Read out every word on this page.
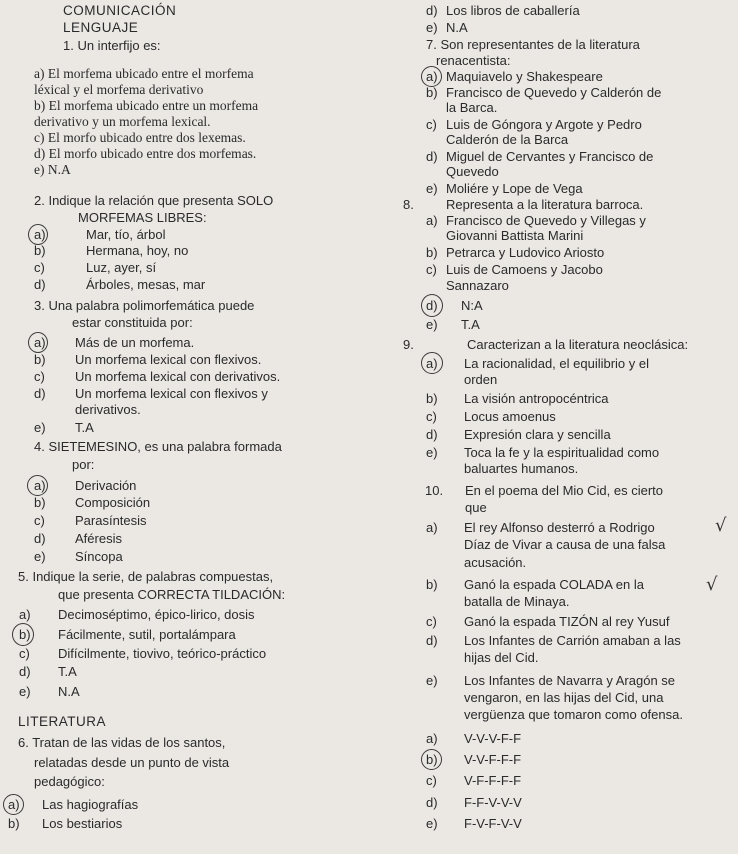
COMUNICACIÓN
LENGUAJE
1. Un interfijo es:
a) El morfema ubicado entre el morfema
léxical y el morfema derivativo
b) El morfema ubicado entre un morfema
derivativo y un morfema lexical.
c) El morfo ubicado entre dos lexemas.
d) El morfo ubicado entre dos morfemas.
e) N.A
2. Indique la relación que presenta SOLO
MORFEMAS LIBRES:
a)	Mar, tío, árbol
b)	Hermana, hoy, no
c)	Luz, ayer, sí
d)	Árboles, mesas, mar
3. Una palabra polimorfemática puede
estar constituida por:
a) Más de un morfema.
b) Un morfema lexical con flexivos.
c) Un morfema lexical con derivativos.
d) Un morfema lexical con flexivos y
derivativos.
e) T.A
4. SIETEMESINO, es una palabra formada
por:
a) Derivación
b) Composición
c) Parasíntesis
d) Aféresis
e) Síncopa
5. Indique la serie, de palabras compuestas,
que presenta CORRECTA TILDACIÓN:
a) Decimoséptimo, épico-lirico, dosis
b) Fácilmente, sutil, portalámpara
c) Difícilmente, tiovivo, teórico-práctico
d) T.A
e) N.A
LITERATURA
6. Tratan de las vidas de los santos,
relatadas desde un punto de vista
pedagógico:
a) Las hagiografías
b) Los bestiarios
d) Los libros de caballería
e) N.A
7. Son representantes de la literatura
renacentista:
a) Maquiavelo y Shakespeare
b) Francisco de Quevedo y Calderón de
la Barca.
c) Luis de Góngora y Argote y Pedro
Calderón de la Barca
d) Miguel de Cervantes y Francisco de
Quevedo
e) Moliére y Lope de Vega
8. Representa a la literatura barroca.
a) Francisco de Quevedo y Villegas y
Giovanni Battista Marini
b) Petrarca y Ludovico Ariosto
c) Luis de Camoens y Jacobo
Sannazaro
d) N:A
e) T.A
9.	Caracterizan a la literatura neoclásica:
a) La racionalidad, el equilibrio y el
orden
b) La visión antropocéntrica
c) Locus amoenus
d) Expresión clara y sencilla
e) Toca la fe y la espiritualidad como
baluartes humanos.
10. En el poema del Mio Cid, es cierto
que
a) El rey Alfonso desterró a Rodrigo
Díaz de Vivar a causa de una falsa
acusación.
b) Ganó la espada COLADA en la
batalla de Minaya.
c) Ganó la espada TIZÓN al rey Yusuf
d) Los Infantes de Carrión amaban a las
hijas del Cid.
e) Los Infantes de Navarra y Aragón se
vengaron, en las hijas del Cid, una
vergüenza que tomaron como ofensa.
a) V-V-V-F-F
b) V-V-F-F-F
c) V-F-F-F-F
d) F-F-V-V-V
e) F-V-F-V-V
√
√
